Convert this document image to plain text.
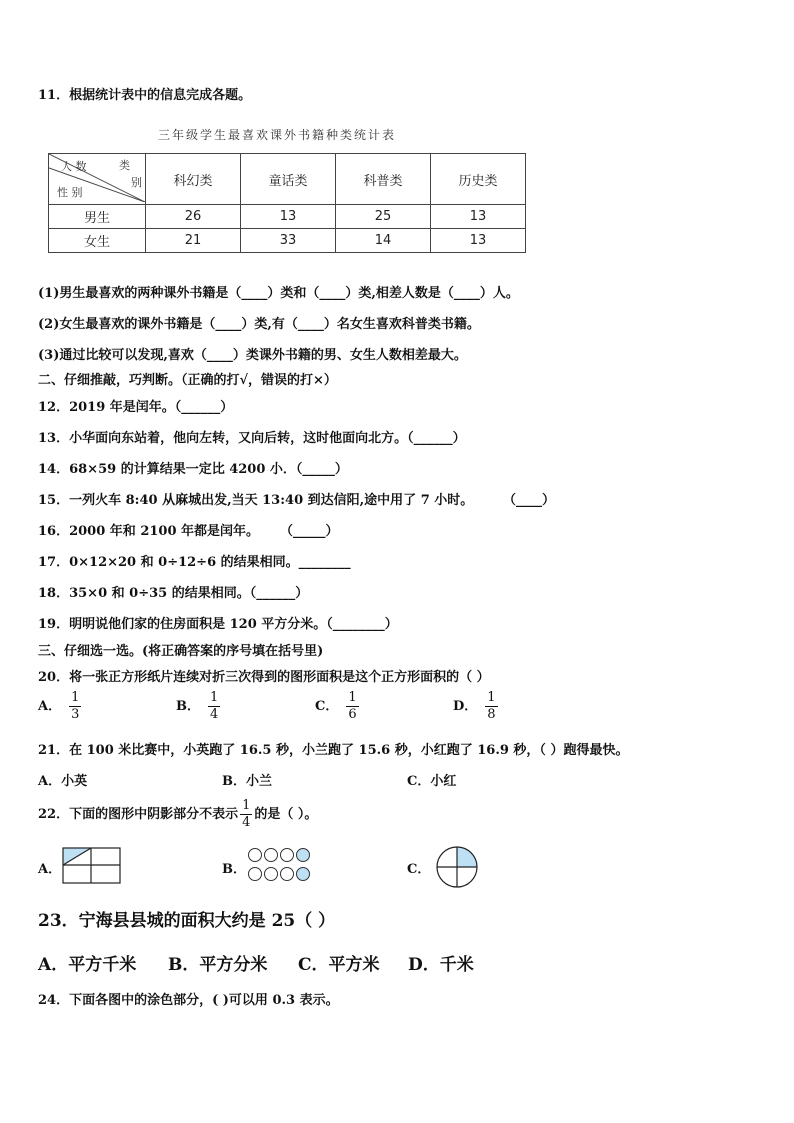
11．根据统计表中的信息完成各题。
三年级学生最喜欢课外书籍种类统计表
类
人 数
别
性 别	科幻类	童话类	科普类	历史类
男生	26	13	25	13
女生	21	33	14	13
(1)男生最喜欢的两种课外书籍是（____）类和（____）类,相差人数是（____）人。
(2)女生最喜欢的课外书籍是（____）类,有（____）名女生喜欢科普类书籍。
(3)通过比较可以发现,喜欢（____）类课外书籍的男、女生人数相差最大。
二、仔细推敲，巧判断。（正确的打√，错误的打×）
12．2019 年是闰年。（______）
13．小华面向东站着，他向左转，又向后转，这时他面向北方。（______）
14．68×59 的计算结果一定比 4200 小．（_____）
15．一列火车 8:40 从麻城出发,当天 13:40 到达信阳,途中用了 7 小时。 （____）
16．2000 年和 2100 年都是闰年。 （_____）
17．0×12×20 和 0÷12÷6 的结果相同。________
18．35×0 和 0÷35 的结果相同。（______）
19．明明说他们家的住房面积是 120 平方分米。（________）
三、仔细选一选。(将正确答案的序号填在括号里)
20．将一张正方形纸片连续对折三次得到的图形面积是这个正方形面积的（ ）
A． $\frac{1}{3}$	B． $\frac{1}{4}$	C． $\frac{1}{6}$	D． $\frac{1}{8}$
21．在 100 米比赛中，小英跑了 16.5 秒，小兰跑了 15.6 秒，小红跑了 16.9 秒，（ ）跑得最快。
A．小英	B．小兰	C．小红
22．下面的图形中阴影部分不表示 $\frac{1}{4}$ 的是（ ）。
A．	B．	C．
23．宁海县县城的面积大约是 25（ ）
A．平方千米 B．平方分米 C．平方米 D．千米
24．下面各图中的涂色部分，( )可以用 0.3 表示。
